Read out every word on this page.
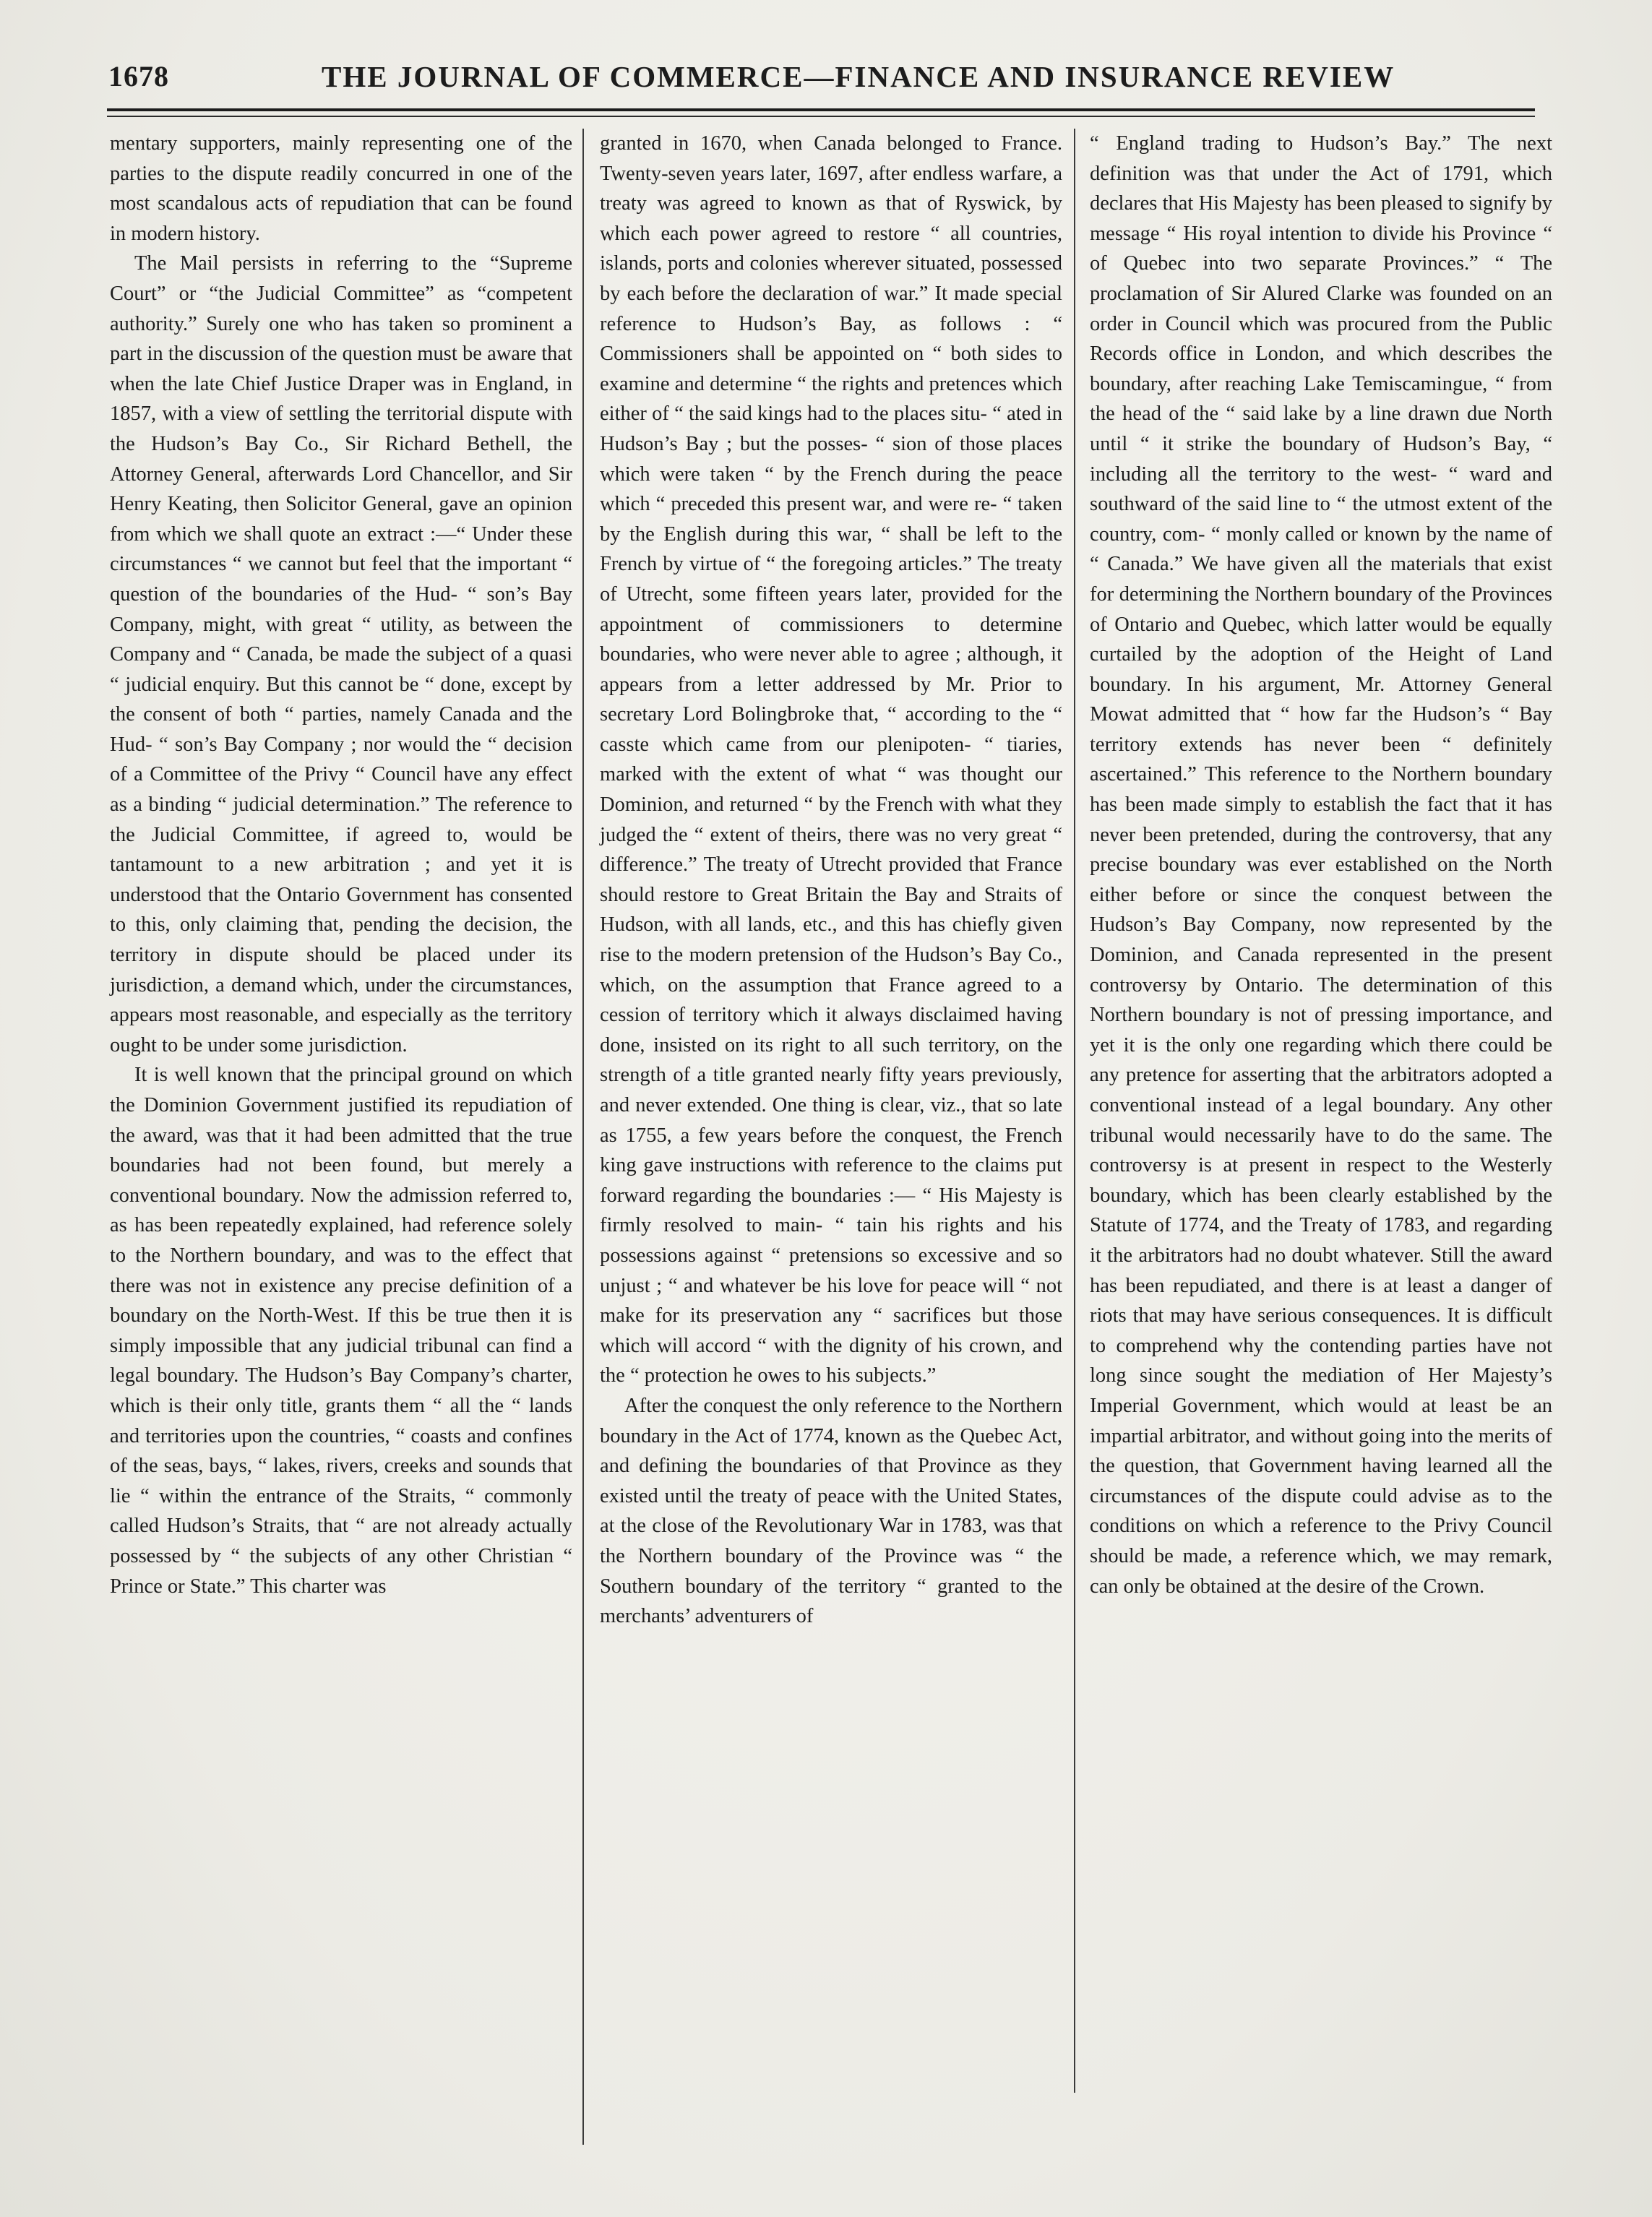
1678	THE JOURNAL OF COMMERCE—FINANCE AND INSURANCE REVIEW

mentary supporters, mainly representing one of the parties to the dispute readily concurred in one of the most scandalous acts of repudiation that can be found in modern history.

The Mail persists in referring to the “Supreme Court” or “the Judicial Committee” as “competent authority.” Surely one who has taken so prominent a part in the discussion of the question must be aware that when the late Chief Justice Draper was in England, in 1857, with a view of settling the territorial dispute with the Hudson’s Bay Co., Sir Richard Bethell, the Attorney General, afterwards Lord Chancellor, and Sir Henry Keating, then Solicitor General, gave an opinion from which we shall quote an extract :—“ Under these circumstances “ we cannot but feel that the important “ question of the boundaries of the Hud- “ son’s Bay Company, might, with great “ utility, as between the Company and “ Canada, be made the subject of a quasi “ judicial enquiry. But this cannot be “ done, except by the consent of both “ parties, namely Canada and the Hud- “ son’s Bay Company ; nor would the “ decision of a Committee of the Privy “ Council have any effect as a binding “ judicial determination.” The reference to the Judicial Committee, if agreed to, would be tantamount to a new arbitration ; and yet it is understood that the Ontario Government has consented to this, only claiming that, pending the decision, the territory in dispute should be placed under its jurisdiction, a demand which, under the circumstances, appears most reasonable, and especially as the territory ought to be under some jurisdiction.

It is well known that the principal ground on which the Dominion Government justified its repudiation of the award, was that it had been admitted that the true boundaries had not been found, but merely a conventional boundary. Now the admission referred to, as has been repeatedly explained, had reference solely to the Northern boundary, and was to the effect that there was not in existence any precise definition of a boundary on the North-West. If this be true then it is simply impossible that any judicial tribunal can find a legal boundary. The Hudson’s Bay Company’s charter, which is their only title, grants them “ all the “ lands and territories upon the countries, “ coasts and confines of the seas, bays, “ lakes, rivers, creeks and sounds that lie “ within the entrance of the Straits, “ commonly called Hudson’s Straits, that “ are not already actually possessed by “ the subjects of any other Christian “ Prince or State.” This charter was

granted in 1670, when Canada belonged to France. Twenty-seven years later, 1697, after endless warfare, a treaty was agreed to known as that of Ryswick, by which each power agreed to restore “ all countries, islands, ports and colonies wherever situated, possessed by each before the declaration of war.” It made special reference to Hudson’s Bay, as follows : “ Commissioners shall be appointed on “ both sides to examine and determine “ the rights and pretences which either of “ the said kings had to the places situ- “ ated in Hudson’s Bay ; but the posses- “ sion of those places which were taken “ by the French during the peace which “ preceded this present war, and were re- “ taken by the English during this war, “ shall be left to the French by virtue of “ the foregoing articles.” The treaty of Utrecht, some fifteen years later, provided for the appointment of commissioners to determine boundaries, who were never able to agree ; although, it appears from a letter addressed by Mr. Prior to secretary Lord Bolingbroke that, “ according to the “ casste which came from our plenipoten- “ tiaries, marked with the extent of what “ was thought our Dominion, and returned “ by the French with what they judged the “ extent of theirs, there was no very great “ difference.” The treaty of Utrecht provided that France should restore to Great Britain the Bay and Straits of Hudson, with all lands, etc., and this has chiefly given rise to the modern pretension of the Hudson’s Bay Co., which, on the assumption that France agreed to a cession of territory which it always disclaimed having done, insisted on its right to all such territory, on the strength of a title granted nearly fifty years previously, and never extended. One thing is clear, viz., that so late as 1755, a few years before the conquest, the French king gave instructions with reference to the claims put forward regarding the boundaries :— “ His Majesty is firmly resolved to main- “ tain his rights and his possessions against “ pretensions so excessive and so unjust ; “ and whatever be his love for peace will “ not make for its preservation any “ sacrifices but those which will accord “ with the dignity of his crown, and the “ protection he owes to his subjects.”

After the conquest the only reference to the Northern boundary in the Act of 1774, known as the Quebec Act, and defining the boundaries of that Province as they existed until the treaty of peace with the United States, at the close of the Revolutionary War in 1783, was that the Northern boundary of the Province was “ the Southern boundary of the territory “ granted to the merchants’ adventurers of

“ England trading to Hudson’s Bay.” The next definition was that under the Act of 1791, which declares that His Majesty has been pleased to signify by message “ His royal intention to divide his Province “ of Quebec into two separate Provinces.” “ The proclamation of Sir Alured Clarke was founded on an order in Council which was procured from the Public Records office in London, and which describes the boundary, after reaching Lake Temiscamingue, “ from the head of the “ said lake by a line drawn due North until “ it strike the boundary of Hudson’s Bay, “ including all the territory to the west- “ ward and southward of the said line to “ the utmost extent of the country, com- “ monly called or known by the name of “ Canada.” We have given all the materials that exist for determining the Northern boundary of the Provinces of Ontario and Quebec, which latter would be equally curtailed by the adoption of the Height of Land boundary. In his argument, Mr. Attorney General Mowat admitted that “ how far the Hudson’s “ Bay territory extends has never been “ definitely ascertained.” This reference to the Northern boundary has been made simply to establish the fact that it has never been pretended, during the controversy, that any precise boundary was ever established on the North either before or since the conquest between the Hudson’s Bay Company, now represented by the Dominion, and Canada represented in the present controversy by Ontario. The determination of this Northern boundary is not of pressing importance, and yet it is the only one regarding which there could be any pretence for asserting that the arbitrators adopted a conventional instead of a legal boundary. Any other tribunal would necessarily have to do the same. The controversy is at present in respect to the Westerly boundary, which has been clearly established by the Statute of 1774, and the Treaty of 1783, and regarding it the arbitrators had no doubt whatever. Still the award has been repudiated, and there is at least a danger of riots that may have serious consequences. It is difficult to comprehend why the contending parties have not long since sought the mediation of Her Majesty’s Imperial Government, which would at least be an impartial arbitrator, and without going into the merits of the question, that Government having learned all the circumstances of the dispute could advise as to the conditions on which a reference to the Privy Council should be made, a reference which, we may remark, can only be obtained at the desire of the Crown.
